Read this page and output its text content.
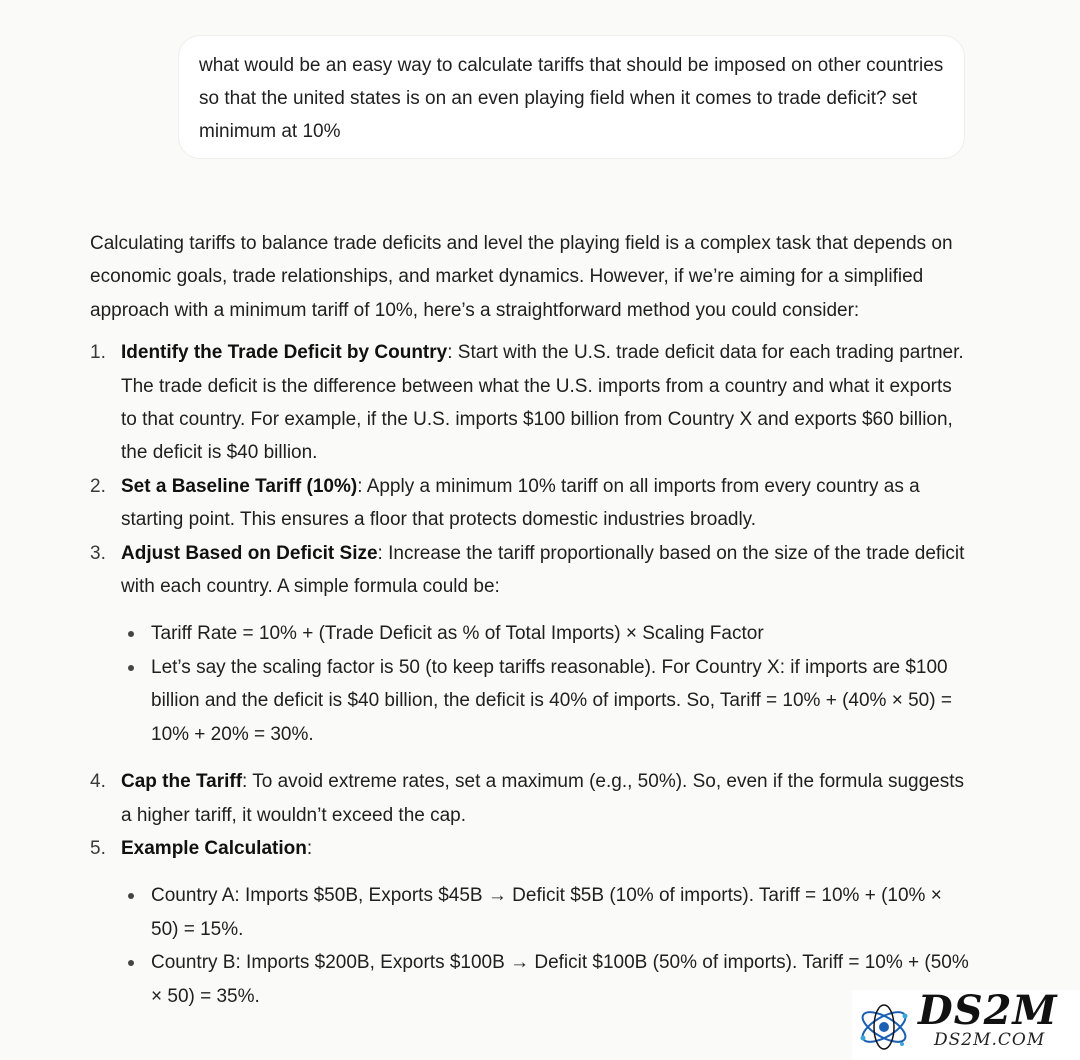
what would be an easy way to calculate tariffs that should be imposed on other countries so that the united states is on an even playing field when it comes to trade deficit? set minimum at 10%

Calculating tariffs to balance trade deficits and level the playing field is a complex task that depends on economic goals, trade relationships, and market dynamics. However, if we’re aiming for a simplified approach with a minimum tariff of 10%, here’s a straightforward method you could consider:

1. Identify the Trade Deficit by Country: Start with the U.S. trade deficit data for each trading partner. The trade deficit is the difference between what the U.S. imports from a country and what it exports to that country. For example, if the U.S. imports $100 billion from Country X and exports $60 billion, the deficit is $40 billion.
2. Set a Baseline Tariff (10%): Apply a minimum 10% tariff on all imports from every country as a starting point. This ensures a floor that protects domestic industries broadly.
3. Adjust Based on Deficit Size: Increase the tariff proportionally based on the size of the trade deficit with each country. A simple formula could be:
Tariff Rate = 10% + (Trade Deficit as % of Total Imports) × Scaling Factor
Let’s say the scaling factor is 50 (to keep tariffs reasonable). For Country X: if imports are $100 billion and the deficit is $40 billion, the deficit is 40% of imports. So, Tariff = 10% + (40% × 50) = 10% + 20% = 30%.
4. Cap the Tariff: To avoid extreme rates, set a maximum (e.g., 50%). So, even if the formula suggests a higher tariff, it wouldn’t exceed the cap.
5. Example Calculation:
Country A: Imports $50B, Exports $45B → Deficit $5B (10% of imports). Tariff = 10% + (10% × 50) = 15%.
Country B: Imports $200B, Exports $100B → Deficit $100B (50% of imports). Tariff = 10% + (50% × 50) = 35%.	DS2M
DS2M.COM
